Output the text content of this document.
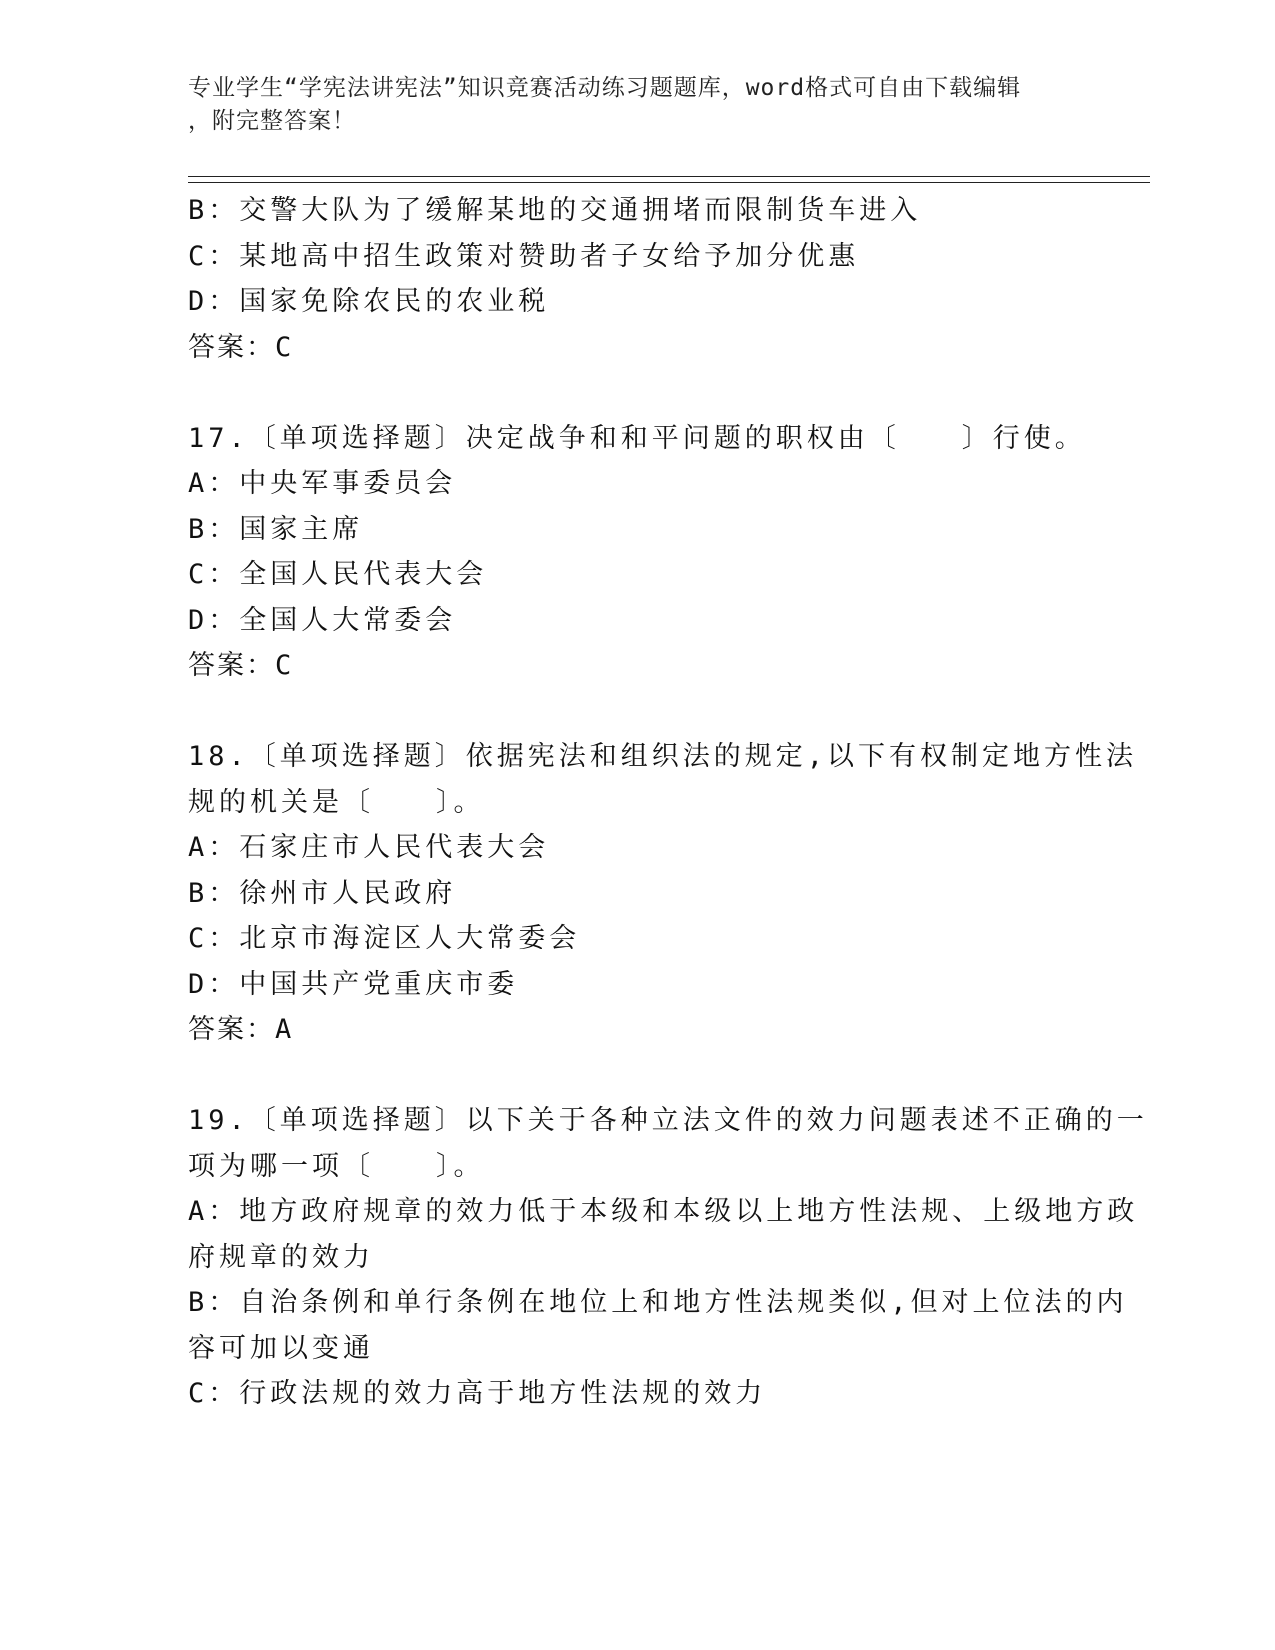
专业学生“学宪法讲宪法”知识竞赛活动练习题题库，word格式可自由下载编辑
，附完整答案！
B：交警大队为了缓解某地的交通拥堵而限制货车进入
C：某地高中招生政策对赞助者子女给予加分优惠
D：国家免除农民的农业税
答案：C
17.〔单项选择题〕决定战争和和平问题的职权由〔　　〕行使。
A：中央军事委员会
B：国家主席
C：全国人民代表大会
D：全国人大常委会
答案：C
18.〔单项选择题〕依据宪法和组织法的规定,以下有权制定地方性法
规的机关是〔　　〕。
A：石家庄市人民代表大会
B：徐州市人民政府
C：北京市海淀区人大常委会
D：中国共产党重庆市委
答案：A
19.〔单项选择题〕以下关于各种立法文件的效力问题表述不正确的一
项为哪一项〔　　〕。
A：地方政府规章的效力低于本级和本级以上地方性法规、上级地方政
府规章的效力
B：自治条例和单行条例在地位上和地方性法规类似,但对上位法的内
容可加以变通
C：行政法规的效力高于地方性法规的效力
